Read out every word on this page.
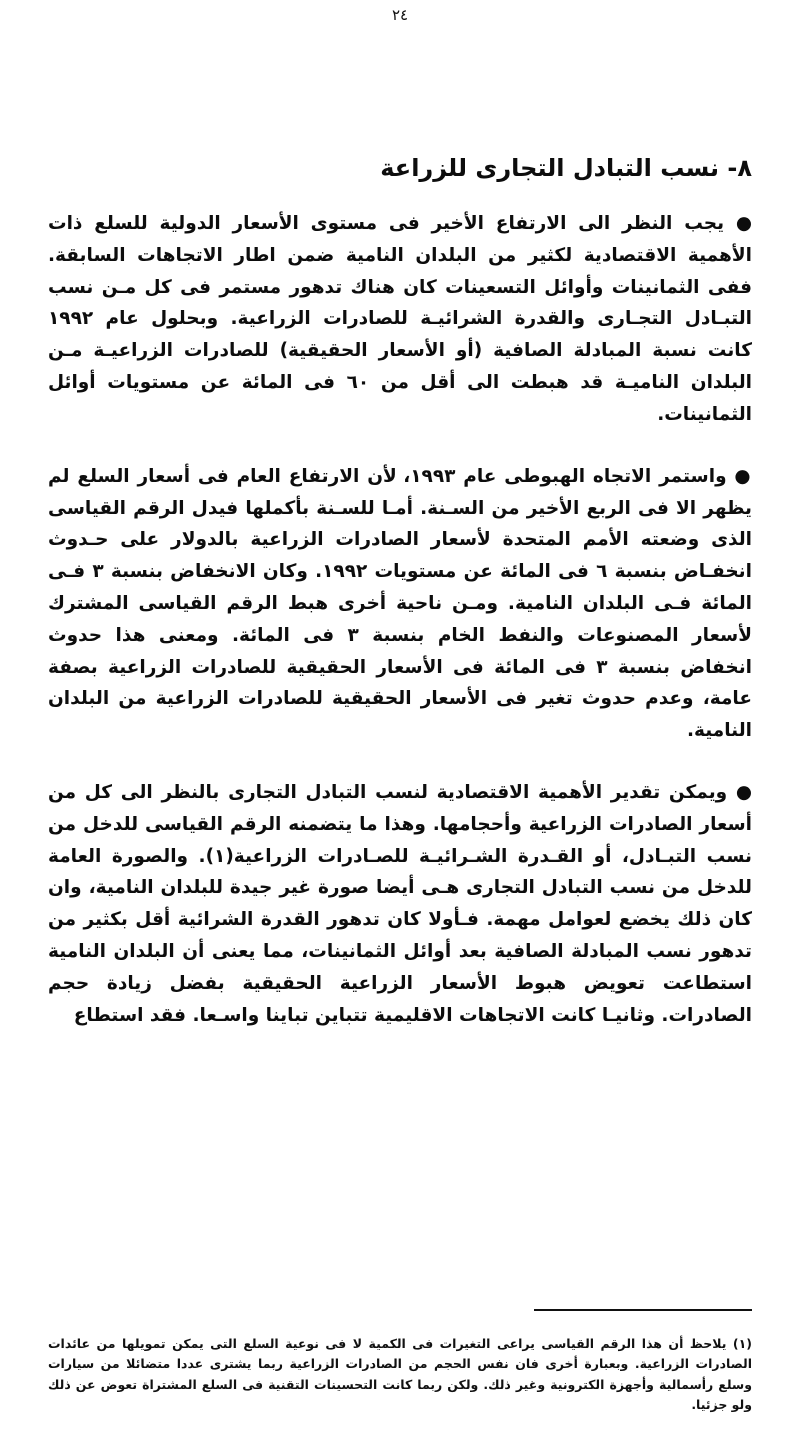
٢٤
٨- نسب التبادل التجارى للزراعة

● يجب النظر الى الارتفاع الأخير فى مستوى الأسعار الدولية للسلع ذات الأهمية الاقتصادية لكثير من البلدان النامية ضمن اطار الاتجاهات السابقة. ففى الثمانينات وأوائل التسعينات كان هناك تدهور مستمر فى كل مـن نسب التبـادل التجـارى والقدرة الشرائيـة للصادرات الزراعية. وبحلول عام ١٩٩٢ كانت نسبة المبادلة الصافية (أو الأسعار الحقيقية) للصادرات الزراعيـة مـن البلدان الناميـة قد هبطت الى أقل من ٦٠ فى المائة عن مستويات أوائل الثمانينات.

● واستمر الاتجاه الهبوطى عام ١٩٩٣، لأن الارتفاع العام فى أسعار السلع لم يظهر الا فى الربع الأخير من السـنة. أمـا للسـنة بأكملها فيدل الرقم القياسى الذى وضعته الأمم المتحدة لأسعار الصادرات الزراعية بالدولار على حـدوث انخفـاض بنسبة ٦ فى المائة عن مستويات ١٩٩٢. وكان الانخفاض بنسبة ٣ فـى المائة فـى البلدان النامية. ومـن ناحية أخرى هبط الرقم القياسى المشترك لأسعار المصنوعات والنفط الخام بنسبة ٣ فى المائة. ومعنى هذا حدوث انخفاض بنسبة ٣ فى المائة فى الأسعار الحقيقية للصادرات الزراعية بصفة عامة، وعدم حدوث تغير فى الأسعار الحقيقية للصادرات الزراعية من البلدان النامية.

● ويمكن تقدير الأهمية الاقتصادية لنسب التبادل التجارى بالنظر الى كل من أسعار الصادرات الزراعية وأحجامها. وهذا ما يتضمنه الرقم القياسى للدخل من نسب التبـادل، أو القـدرة الشـرائيـة للصـادرات الزراعية(١). والصورة العامة للدخل من نسب التبادل التجارى هـى أيضا صورة غير جيدة للبلدان النامية، وان كان ذلك يخضع لعوامل مهمة. فـأولا كان تدهور القدرة الشرائية أقل بكثير من تدهور نسب المبادلة الصافية بعد أوائل الثمانينات، مما يعنى أن البلدان النامية استطاعت تعويض هبوط الأسعار الزراعية الحقيقية بفضل زيادة حجم الصادرات. وثانيـا كانت الاتجاهات الاقليمية تتباين تباينا واسـعا. فقد استطاع

(١) يلاحظ أن هذا الرقم القياسى يراعى التغيرات فى الكمية لا فى نوعية السلع التى يمكن تمويلها من عائدات الصادرات الزراعية. وبعبارة أخرى فان نفس الحجم من الصادرات الزراعية ربما يشترى عددا متضائلا من سيارات وسلع رأسمالية وأجهزة الكترونية وغير ذلك. ولكن ربما كانت التحسينات التقنية فى السلع المشتراة تعوض عن ذلك ولو جزئيا.
